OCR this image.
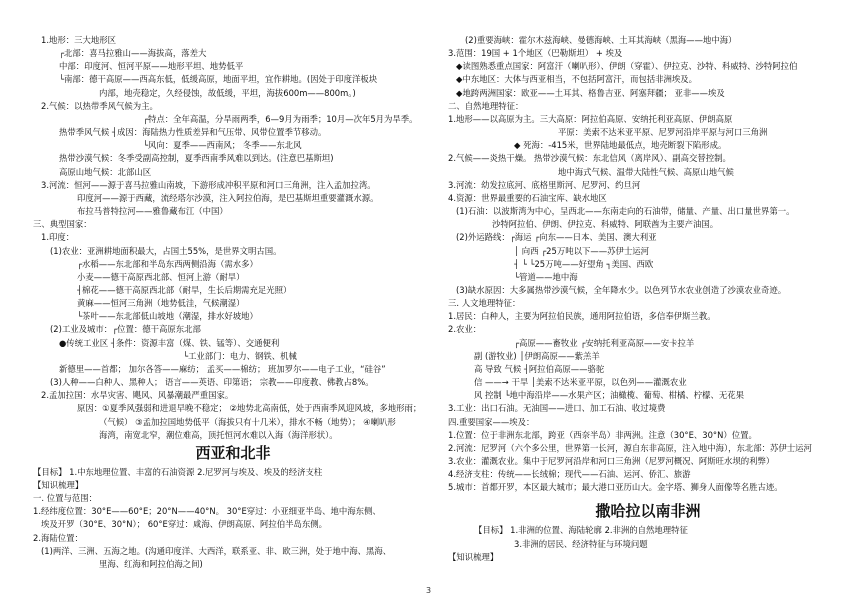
1.地形：三大地形区
┌北部：喜马拉雅山——海拔高，落差大
中部：印度河、恒河平原——地形平坦、地势低平
└南部：德干高原——西高东低，低缓高原，地面平坦，宜作耕地。(因处于印度洋板块
内部，地壳稳定，久经侵蚀，故低缓，平坦，海拔600m——800m。)
2.气候：以热带季风气候为主。
┌特点：全年高温，分旱雨两季，6—9月为雨季；10月—次年5月为旱季。
热带季风气候 ┤成因：海陆热力性质差异和气压带、风带位置季节移动。
└风向：夏季——西南风； 冬季——东北风
热带沙漠气候：冬季受副高控制，夏季西南季风难以到达。(注意巴基斯坦)
高原山地气候：北部山区
3.河流：恒河——源于喜马拉雅山南坡，下游形成冲积平原和河口三角洲，注入孟加拉湾。
印度河——源于西藏，流经塔尔沙漠，注入阿拉伯海，是巴基斯坦重要灌溉水源。
布拉马普特拉河——雅鲁藏布江（中国）
三、典型国家：
1.印度：
(1)农业：亚洲耕地面积最大，占国土55%，是世界文明古国。
┌水稻——东北部和半岛东西两侧沿海（需水多）
小麦——德干高原西北部、恒河上游（耐旱）
┤棉花——德干高原西北部（耐旱，生长后期需充足光照）
黄麻——恒河三角洲（地势低洼，气候潮湿）
└茶叶——东北部低山坡地（潮湿，排水好坡地）
(2)工业及城市：┌位置：德干高原东北部
●传统工业区 ┤条件：资源丰富（煤、铁、锰等）、交通便利
└工业部门：电力、钢铁、机械
新德里——首都； 加尔各答——麻纺； 孟买——棉纺； 班加罗尔——电子工业，“硅谷”
(3)人种——白种人、黑种人； 语言——英语、印第语； 宗教——印度教、佛教占8%。
2.孟加拉国：水旱灾害、飓风、风暴潮最严重国家。
原因：①夏季风强弱和进退早晚不稳定； ②地势北高南低，处于西南季风迎风坡，多地形雨；
（气候） ③孟加拉国地势低平（海拔只有十几米），排水不畅（地势）； ④喇叭形
海湾，南宽北窄，潮位难高，顶托恒河水难以入海（海洋形状）。
西亚和北非
【目标】 1.中东地理位置、丰富的石油资源 2.尼罗河与埃及、埃及的经济支柱
【知识梳理】
一. 位置与范围：
1.经纬度位置：30°E——60°E；20°N——40°N。 30°E穿过：小亚细亚半岛、地中海东侧、
埃及开罗（30°E、30°N）； 60°E穿过：咸海、伊朗高原、阿拉伯半岛东侧。
2.海陆位置：
(1)两洋、三洲、五海之地。(沟通印度洋、大西洋，联系亚、非、欧三洲，处于地中海、黑海、
里海、红海和阿拉伯海之间)
(2)重要海峡：霍尔木兹海峡、曼德海峡、土耳其海峡（黑海——地中海）
3.范围：19国 + 1个地区（巴勒斯坦） + 埃及
◆读图熟悉重点国家：阿富汗（喇叭形）、伊朗（穿霍）、伊拉克、沙特、科威特、沙特阿拉伯
◆中东地区：大体与西亚相当，不包括阿富汗，而包括非洲埃及。
◆地跨两洲国家：欧亚——土耳其、格鲁吉亚、阿塞拜疆； 亚非——埃及
二、自然地理特征：
1.地形——以高原为主。三大高原：阿拉伯高原、安纳托利亚高原、伊朗高原
平原：美索不达米亚平原、尼罗河沿岸平原与河口三角洲
◆ 死海：-415米，世界陆地最低点，地壳断裂下陷形成。
2.气候——炎热干燥。 热带沙漠气候：东北信风（离岸风）、副高交替控制。
地中海式气候、温带大陆性气候、高原山地气候
3.河流：幼发拉底河、底格里斯河、尼罗河、约旦河
4.资源：世界最重要的石油宝库、缺水地区
(1)石油：以波斯湾为中心，呈西北——东南走向的石油带，储量、产量、出口量世界第一。
沙特阿拉伯、伊朗、伊拉克、科威特、阿联酋为主要产油国。
(2)外运路线：┌海运 ┌向东——日本、美国、澳大利亚
│ 向西 ┌25万吨以下——苏伊士运河
┤ └ └25万吨——好望角 ┐美国、西欧
└管道——地中海
(3)缺水原因：大多属热带沙漠气候，全年降水少。以色列节水农业创造了沙漠农业奇迹。
三. 人文地理特征：
1.居民：白种人，主要为阿拉伯民族，通用阿拉伯语，多信奉伊斯兰教。
2.农业：
┌高原——畜牧业 ┌安纳托利亚高原——安卡拉羊
副 (游牧业) │伊朗高原——紫羔羊
高 导致 气候 ┤阿拉伯高原——骆驼
信 ——→ 干旱 │美索不达米亚平原，以色列——灌溉农业
风 控制 └地中海沿岸——水果产区；油橄榄、葡萄、柑橘、柠檬、无花果
3.工业：出口石油。无油国——进口、加工石油、收过境费
四.重要国家——埃及：
1.位置：位于非洲东北部，跨亚（西奈半岛）非两洲。注意（30°E、30°N）位置。
2.河流：尼罗河（六个多公里，世界第一长河，源自东非高原，注入地中海），东北部：苏伊士运河
3.农业：灌溉农业。集中于尼罗河沿岸和河口三角洲（尼罗河概况、阿斯旺水坝的利弊）
4.经济支柱：传统——长绒棉；现代——石油、运河、侨汇、旅游
5.城市：首都开罗，本区最大城市；最大港口亚历山大。金字塔、狮身人面像等名胜古迹。
撒哈拉以南非洲
【目标】 1.非洲的位置、海陆轮廓 2.非洲的自然地理特征
3.非洲的居民、经济特征与环境问题
【知识梳理】
3
